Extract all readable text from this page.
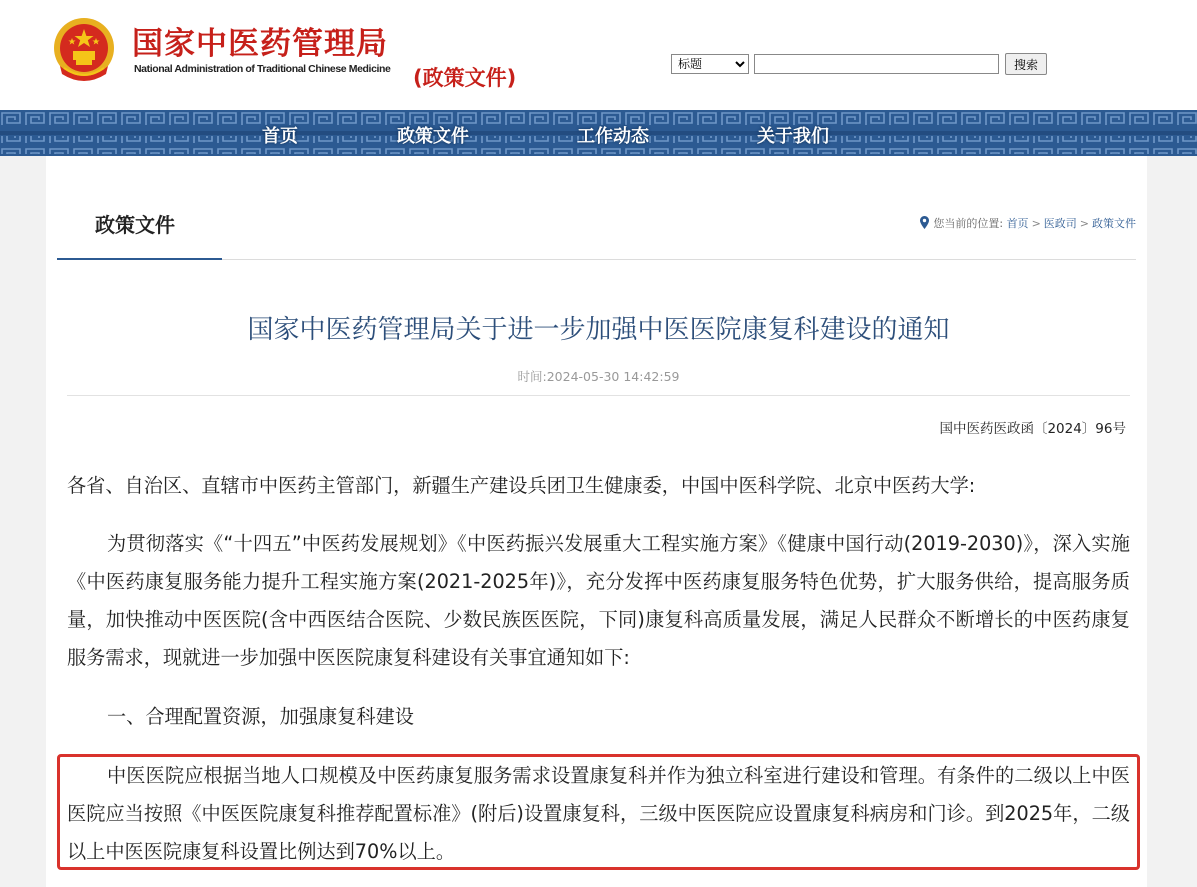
国家中医药管理局
National Administration of Traditional Chinese Medicine (政策文件)
标题
搜索
首页	政策文件	工作动态	关于我们
政策文件	您当前的位置: 首页 > 医政司 > 政策文件
国家中医药管理局关于进一步加强中医医院康复科建设的通知
时间:2024-05-30 14:42:59
国中医药医政函〔2024〕96号

各省、自治区、直辖市中医药主管部门，新疆生产建设兵团卫生健康委，中国中医科学院、北京中医药大学:

为贯彻落实《“十四五”中医药发展规划》《中医药振兴发展重大工程实施方案》《健康中国行动(2019-2030)》，深入实施《中医药康复服务能力提升工程实施方案(2021-2025年)》，充分发挥中医药康复服务特色优势，扩大服务供给，提高服务质量，加快推动中医医院(含中西医结合医院、少数民族医医院，下同)康复科高质量发展，满足人民群众不断增长的中医药康复服务需求，现就进一步加强中医医院康复科建设有关事宜通知如下:

一、合理配置资源，加强康复科建设

中医医院应根据当地人口规模及中医药康复服务需求设置康复科并作为独立科室进行建设和管理。有条件的二级以上中医医院应当按照《中医医院康复科推荐配置标准》(附后)设置康复科，三级中医医院应设置康复科病房和门诊。到2025年，二级以上中医医院康复科设置比例达到70%以上。
